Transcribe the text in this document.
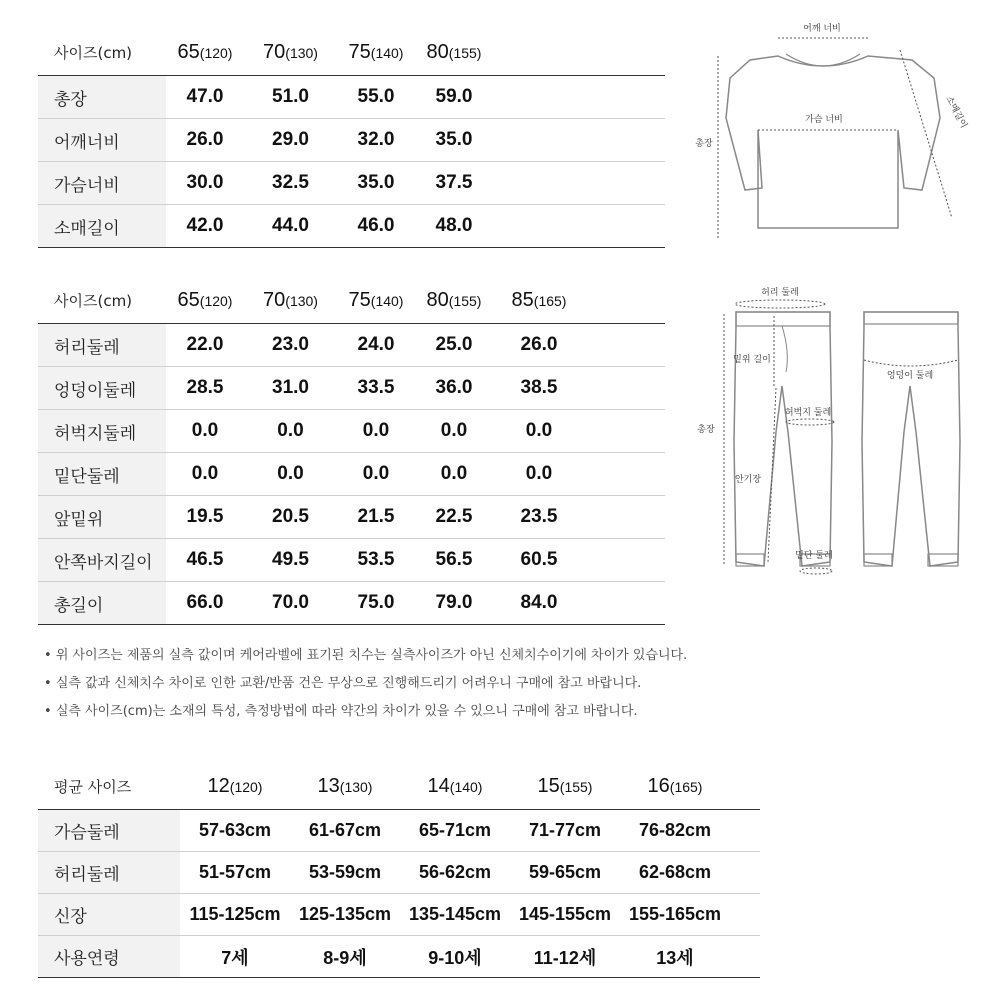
사이즈(cm)	65(120)	70(130)	75(140)	80(155)	
총장	47.0	51.0	55.0	59.0	
어깨너비	26.0	29.0	32.0	35.0	
가슴너비	30.0	32.5	35.0	37.5	
소매길이	42.0	44.0	46.0	48.0	
어깨 너비
가슴 너비
총장
소매길이
사이즈(cm)	65(120)	70(130)	75(140)	80(155)	85(165)	
허리둘레	22.0	23.0	24.0	25.0	26.0	
엉덩이둘레	28.5	31.0	33.5	36.0	38.5	
허벅지둘레	0.0	0.0	0.0	0.0	0.0	
밑단둘레	0.0	0.0	0.0	0.0	0.0	
앞밑위	19.5	20.5	21.5	22.5	23.5	
안쪽바지길이	46.5	49.5	53.5	56.5	60.5	
총길이	66.0	70.0	75.0	79.0	84.0	
허리 둘레
밑위 길이
총장
허벅지 둘레
안기장
밑단 둘레
엉덩이 둘레
• 위 사이즈는 제품의 실측 값이며 케어라벨에 표기된 치수는 실측사이즈가 아닌 신체치수이기에 차이가 있습니다.
• 실측 값과 신체치수 차이로 인한 교환/반품 건은 무상으로 진행해드리기 어려우니 구매에 참고 바랍니다.
• 실측 사이즈(cm)는 소재의 특성, 측정방법에 따라 약간의 차이가 있을 수 있으니 구매에 참고 바랍니다.
평균 사이즈	12(120)	13(130)	14(140)	15(155)	16(165)	
가슴둘레	57-63cm	61-67cm	65-71cm	71-77cm	76-82cm	
허리둘레	51-57cm	53-59cm	56-62cm	59-65cm	62-68cm	
신장	115-125cm	125-135cm	135-145cm	145-155cm	155-165cm	
사용연령	7세	8-9세	9-10세	11-12세	13세	
